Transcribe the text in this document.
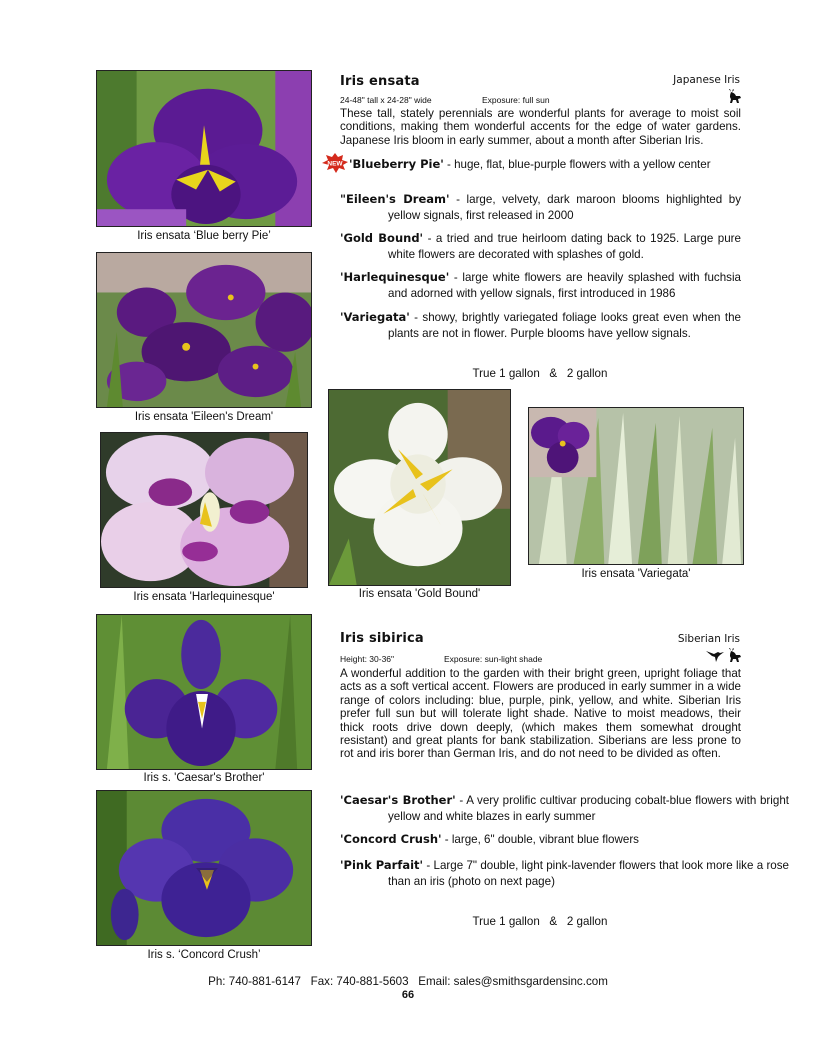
Iris ensata ‘Blue berry Pie’
Iris ensata 'Eileen's Dream'
Iris ensata 'Harlequinesque'	Iris ensata 'Gold Bound'
Iris ensata 'Variegata'
Iris s. 'Caesar's Brother'
Iris s. ‘Concord Crush’
Iris ensata	Japanese Iris
24-48" tall x 24-28" wide	Exposure: full sun
These tall, stately perennials are wonderful plants for average to moist soil conditions, making them wonderful accents for the edge of water gardens. Japanese Iris bloom in early summer, about a month after Siberian Iris.
NEW 'Blueberry Pie' - huge, flat, blue-purple flowers with a yellow center
"Eileen's Dream' - large, velvety, dark maroon blooms highlighted by yellow signals, first released in 2000
'Gold Bound' - a tried and true heirloom dating back to 1925. Large pure white flowers are decorated with splashes of gold.
'Harlequinesque' - large white flowers are heavily splashed with fuchsia and adorned with yellow signals, first introduced in 1986
'Variegata' - showy, brightly variegated foliage looks great even when the plants are not in flower. Purple blooms have yellow signals.
True 1 gallon   &   2 gallon
Iris sibirica	Siberian Iris
Height: 30-36"	Exposure: sun-light shade
A wonderful addition to the garden with their bright green, upright foliage that acts as a soft vertical accent. Flowers are produced in early summer in a wide range of colors including: blue, purple, pink, yellow, and white. Siberian Iris prefer full sun but will tolerate light shade. Native to moist meadows, their thick roots drive down deeply, (which makes them somewhat drought resistant) and great plants for bank stabilization. Siberians are less prone to rot and iris borer than German Iris, and do not need to be divided as often.
'Caesar's Brother' - A very prolific cultivar producing cobalt-blue flowers with bright yellow and white blazes in early summer
'Concord Crush' - large, 6" double, vibrant blue flowers
'Pink Parfait' - Large 7" double, light pink-lavender flowers that look more like a rose than an iris (photo on next page)
True 1 gallon   &   2 gallon
Ph: 740-881-6147   Fax: 740-881-5603   Email: sales@smithsgardensinc.com
66
